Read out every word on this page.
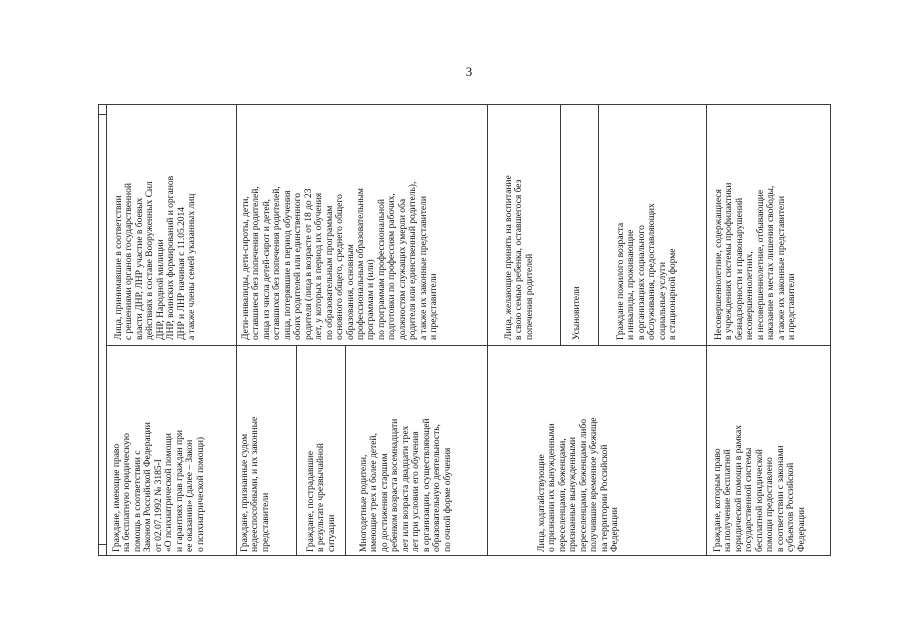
3
Лица, принимавшие в соответствии
с решениями органов государственной
власти ДНР, ЛНР участие в боевых
действиях в составе Вооруженных Сил
ДНР, Народной милиции
ЛНР, воинских формирований и органов
ДНР и ЛНР начиная с 11.05.2014
а также члены семей указанных лиц
Граждане, имеющие право
на бесплатную юридическую
помощь в соответствии с
Законом Российской Федерации
от 02.07.1992 № 3185-I
«О психиатрической помощи
и гарантиях прав граждан при
ее оказании» (далее – Закон
о психиатрической помощи)
Дети-инвалиды, дети-сироты, дети,
оставшиеся без попечения родителей,
лица из числа детей-сирот и детей,
оставшихся без попечения родителей,
лица, потерявшие в период обучения
обоих родителей или единственного
родителя (лица в возрасте от 18 до 23
лет, у которых в период их обучения
по образовательным программам
основного общего, среднего общего
образования, основным
профессиональным образовательным
программам и (или)
по программам профессиональной
подготовки по профессиям рабочих,
должностям служащих умерли оба
родителя или единственный родитель),
а также их законные представители
и представители
Граждане, признанные судом
недееспособными, и их законные
представители	Граждане, пострадавшие
в результате чрезвычайной
ситуации Многодетные родители,
имеющие трех и более детей,
до достижения старшим
ребенком возраста восемнадцати
лет или возраста двадцати трех
лет при условии его обучения
в организации, осуществляющей
образовательную деятельность,
по очной форме обучения
Лица, желающие принять на воспитание
в свою семью ребенка, оставшегося без
попечения родителей
Усыновители	Граждане пожилого возраста
и инвалиды, проживающие
в организациях социального
обслуживания, предоставляющих
социальные услуги
в стационарной форме
Лица, ходатайствующие
о признании их вынужденными
переселенцами, беженцами,
признанные вынужденными
переселенцами, беженцами либо
получившие временное убежище
на территории Российской
Федерации
Несовершеннолетние, содержащиеся
в учреждениях системы профилактики
безнадзорности и правонарушений
несовершеннолетних,
и несовершеннолетние, отбывающие
наказание в местах лишения свободы,
а также их законные представители
и представители
Граждане, которым право
на получение бесплатной
юридической помощи в рамках
государственной системы
бесплатной юридической
помощи предоставлено
в соответствии с законами
субъектов Российской
Федерации
